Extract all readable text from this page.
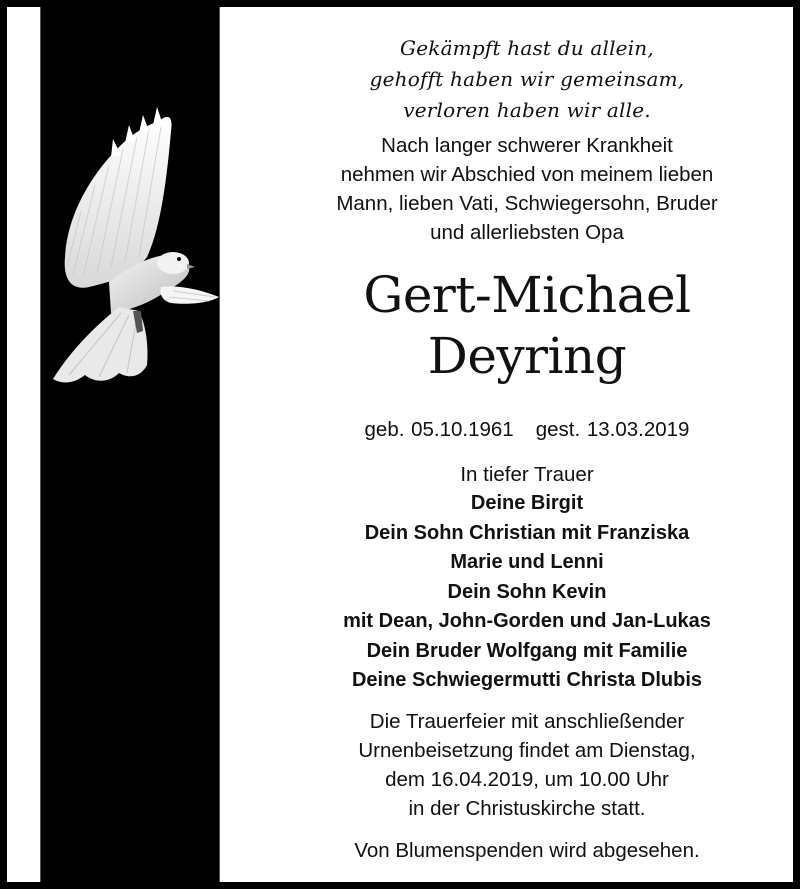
Gekämpft hast du allein,
gehofft haben wir gemeinsam,
verloren haben wir alle.
Nach langer schwerer Krankheit
nehmen wir Abschied von meinem lieben
Mann, lieben Vati, Schwiegersohn, Bruder
und allerliebsten Opa
Gert-Michael
Deyring
geb. 05.10.1961 gest. 13.03.2019
In tiefer Trauer
Deine Birgit
Dein Sohn Christian mit Franziska
Marie und Lenni
Dein Sohn Kevin
mit Dean, John-Gorden und Jan-Lukas
Dein Bruder Wolfgang mit Familie
Deine Schwiegermutti Christa Dlubis
Die Trauerfeier mit anschließender
Urnenbeisetzung findet am Dienstag,
dem 16.04.2019, um 10.00 Uhr
in der Christuskirche statt.
Von Blumenspenden wird abgesehen.
